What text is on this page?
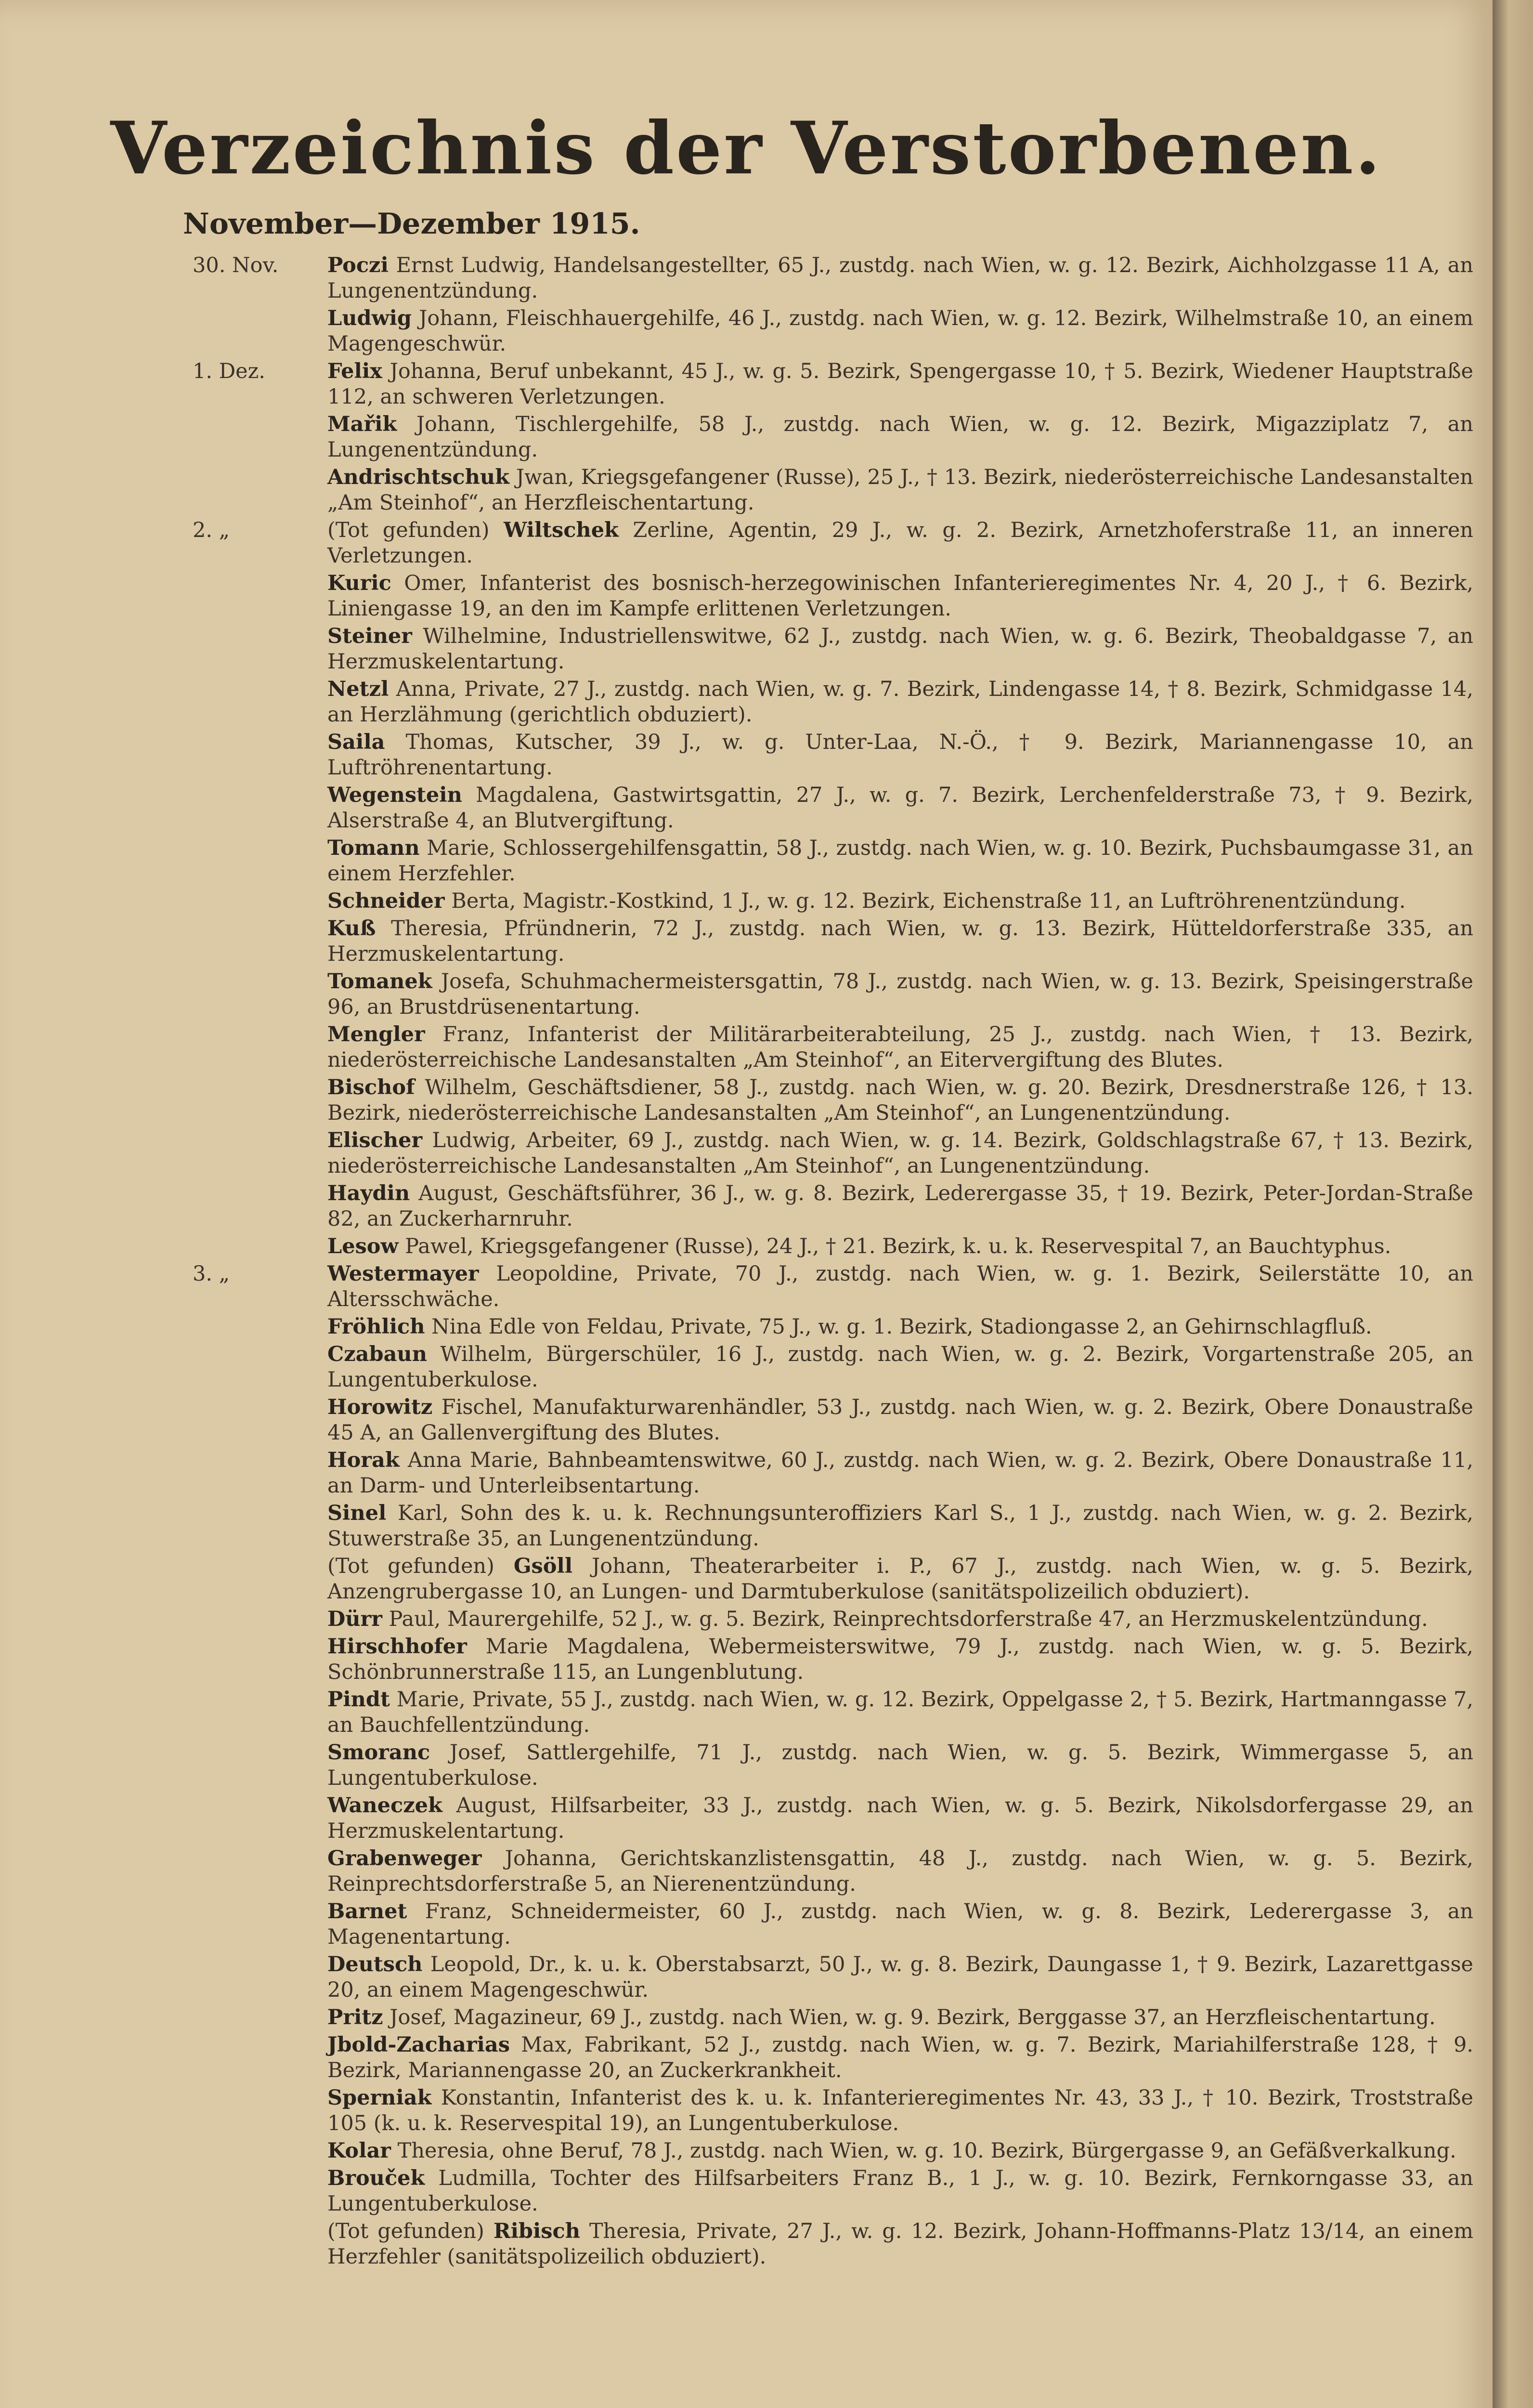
Verzeichnis der Verstorbenen.
November—Dezember 1915.
30. Nov.	Poczi Ernst Ludwig, Handelsangestellter, 65 J., zustdg. nach Wien, w. g. 12. Bezirk, Aichholzgasse 11 A, an Lungenentzündung.
Ludwig Johann, Fleischhauergehilfe, 46 J., zustdg. nach Wien, w. g. 12. Bezirk, Wilhelmstraße 10, an einem Magengeschwür.
1. Dez.	Felix Johanna, Beruf unbekannt, 45 J., w. g. 5. Bezirk, Spengergasse 10, † 5. Bezirk, Wiedener Hauptstraße 112, an schweren Verletzungen.
Mařik Johann, Tischlergehilfe, 58 J., zustdg. nach Wien, w. g. 12. Bezirk, Migazziplatz 7, an Lungenentzündung.
Andrischtschuk Jwan, Kriegsgefangener (Russe), 25 J., † 13. Bezirk, niederösterreichische Landesanstalten „Am Steinhof“, an Herzfleischentartung.
2. „	(Tot gefunden) Wiltschek Zerline, Agentin, 29 J., w. g. 2. Bezirk, Arnetzhoferstraße 11, an inneren Verletzungen.
Kuric Omer, Infanterist des bosnisch-herzegowinischen Infanterieregimentes Nr. 4, 20 J., † 6. Bezirk, Liniengasse 19, an den im Kampfe erlittenen Verletzungen.
Steiner Wilhelmine, Industriellenswitwe, 62 J., zustdg. nach Wien, w. g. 6. Bezirk, Theobaldgasse 7, an Herzmuskelentartung.
Netzl Anna, Private, 27 J., zustdg. nach Wien, w. g. 7. Bezirk, Lindengasse 14, † 8. Bezirk, Schmidgasse 14, an Herzlähmung (gerichtlich obduziert).
Saila Thomas, Kutscher, 39 J., w. g. Unter-Laa, N.-Ö., † 9. Bezirk, Mariannengasse 10, an Luftröhrenentartung.
Wegenstein Magdalena, Gastwirtsgattin, 27 J., w. g. 7. Bezirk, Lerchenfelderstraße 73, † 9. Bezirk, Alserstraße 4, an Blutvergiftung.
Tomann Marie, Schlossergehilfensgattin, 58 J., zustdg. nach Wien, w. g. 10. Bezirk, Puchsbaumgasse 31, an einem Herzfehler.
Schneider Berta, Magistr.-Kostkind, 1 J., w. g. 12. Bezirk, Eichenstraße 11, an Luftröhrenentzündung.
Kuß Theresia, Pfründnerin, 72 J., zustdg. nach Wien, w. g. 13. Bezirk, Hütteldorferstraße 335, an Herzmuskelentartung.
Tomanek Josefa, Schuhmachermeistersgattin, 78 J., zustdg. nach Wien, w. g. 13. Bezirk, Speisingerstraße 96, an Brustdrüsenentartung.
Mengler Franz, Infanterist der Militärarbeiterabteilung, 25 J., zustdg. nach Wien, † 13. Bezirk, niederösterreichische Landesanstalten „Am Steinhof“, an Eitervergiftung des Blutes.
Bischof Wilhelm, Geschäftsdiener, 58 J., zustdg. nach Wien, w. g. 20. Bezirk, Dresdnerstraße 126, † 13. Bezirk, niederösterreichische Landesanstalten „Am Steinhof“, an Lungenentzündung.
Elischer Ludwig, Arbeiter, 69 J., zustdg. nach Wien, w. g. 14. Bezirk, Goldschlagstraße 67, † 13. Bezirk, niederösterreichische Landesanstalten „Am Steinhof“, an Lungenentzündung.
Haydin August, Geschäftsführer, 36 J., w. g. 8. Bezirk, Lederergasse 35, † 19. Bezirk, Peter-Jordan-Straße 82, an Zuckerharnruhr.
Lesow Pawel, Kriegsgefangener (Russe), 24 J., † 21. Bezirk, k. u. k. Reservespital 7, an Bauchtyphus.
3. „	Westermayer Leopoldine, Private, 70 J., zustdg. nach Wien, w. g. 1. Bezirk, Seilerstätte 10, an Altersschwäche.
Fröhlich Nina Edle von Feldau, Private, 75 J., w. g. 1. Bezirk, Stadiongasse 2, an Gehirnschlagfluß.
Czabaun Wilhelm, Bürgerschüler, 16 J., zustdg. nach Wien, w. g. 2. Bezirk, Vorgartenstraße 205, an Lungentuberkulose.
Horowitz Fischel, Manufakturwarenhändler, 53 J., zustdg. nach Wien, w. g. 2. Bezirk, Obere Donaustraße 45 A, an Gallenvergiftung des Blutes.
Horak Anna Marie, Bahnbeamtenswitwe, 60 J., zustdg. nach Wien, w. g. 2. Bezirk, Obere Donaustraße 11, an Darm- und Unterleibsentartung.
Sinel Karl, Sohn des k. u. k. Rechnungsunteroffiziers Karl S., 1 J., zustdg. nach Wien, w. g. 2. Bezirk, Stuwerstraße 35, an Lungenentzündung.
(Tot gefunden) Gsöll Johann, Theaterarbeiter i. P., 67 J., zustdg. nach Wien, w. g. 5. Bezirk, Anzengrubergasse 10, an Lungen- und Darmtuberkulose (sanitätspolizeilich obduziert).
Dürr Paul, Maurergehilfe, 52 J., w. g. 5. Bezirk, Reinprechtsdorferstraße 47, an Herzmuskelentzündung.
Hirschhofer Marie Magdalena, Webermeisterswitwe, 79 J., zustdg. nach Wien, w. g. 5. Bezirk, Schönbrunnerstraße 115, an Lungenblutung.
Pindt Marie, Private, 55 J., zustdg. nach Wien, w. g. 12. Bezirk, Oppelgasse 2, † 5. Bezirk, Hartmanngasse 7, an Bauchfellentzündung.
Smoranc Josef, Sattlergehilfe, 71 J., zustdg. nach Wien, w. g. 5. Bezirk, Wimmergasse 5, an Lungentuberkulose.
Waneczek August, Hilfsarbeiter, 33 J., zustdg. nach Wien, w. g. 5. Bezirk, Nikolsdorfergasse 29, an Herzmuskelentartung.
Grabenweger Johanna, Gerichtskanzlistensgattin, 48 J., zustdg. nach Wien, w. g. 5. Bezirk, Reinprechtsdorferstraße 5, an Nierenentzündung.
Barnet Franz, Schneidermeister, 60 J., zustdg. nach Wien, w. g. 8. Bezirk, Lederergasse 3, an Magenentartung.
Deutsch Leopold, Dr., k. u. k. Oberstabsarzt, 50 J., w. g. 8. Bezirk, Daungasse 1, † 9. Bezirk, Lazarettgasse 20, an einem Magengeschwür.
Pritz Josef, Magazineur, 69 J., zustdg. nach Wien, w. g. 9. Bezirk, Berggasse 37, an Herzfleischentartung.
Jbold-Zacharias Max, Fabrikant, 52 J., zustdg. nach Wien, w. g. 7. Bezirk, Mariahilferstraße 128, † 9. Bezirk, Mariannengasse 20, an Zuckerkrankheit.
Sperniak Konstantin, Infanterist des k. u. k. Infanterieregimentes Nr. 43, 33 J., † 10. Bezirk, Troststraße 105 (k. u. k. Reservespital 19), an Lungentuberkulose.
Kolar Theresia, ohne Beruf, 78 J., zustdg. nach Wien, w. g. 10. Bezirk, Bürgergasse 9, an Gefäßverkalkung.
Brouček Ludmilla, Tochter des Hilfsarbeiters Franz B., 1 J., w. g. 10. Bezirk, Fernkorngasse 33, an Lungentuberkulose.
(Tot gefunden) Ribisch Theresia, Private, 27 J., w. g. 12. Bezirk, Johann-Hoffmanns-Platz 13/14, an einem Herzfehler (sanitätspolizeilich obduziert).
